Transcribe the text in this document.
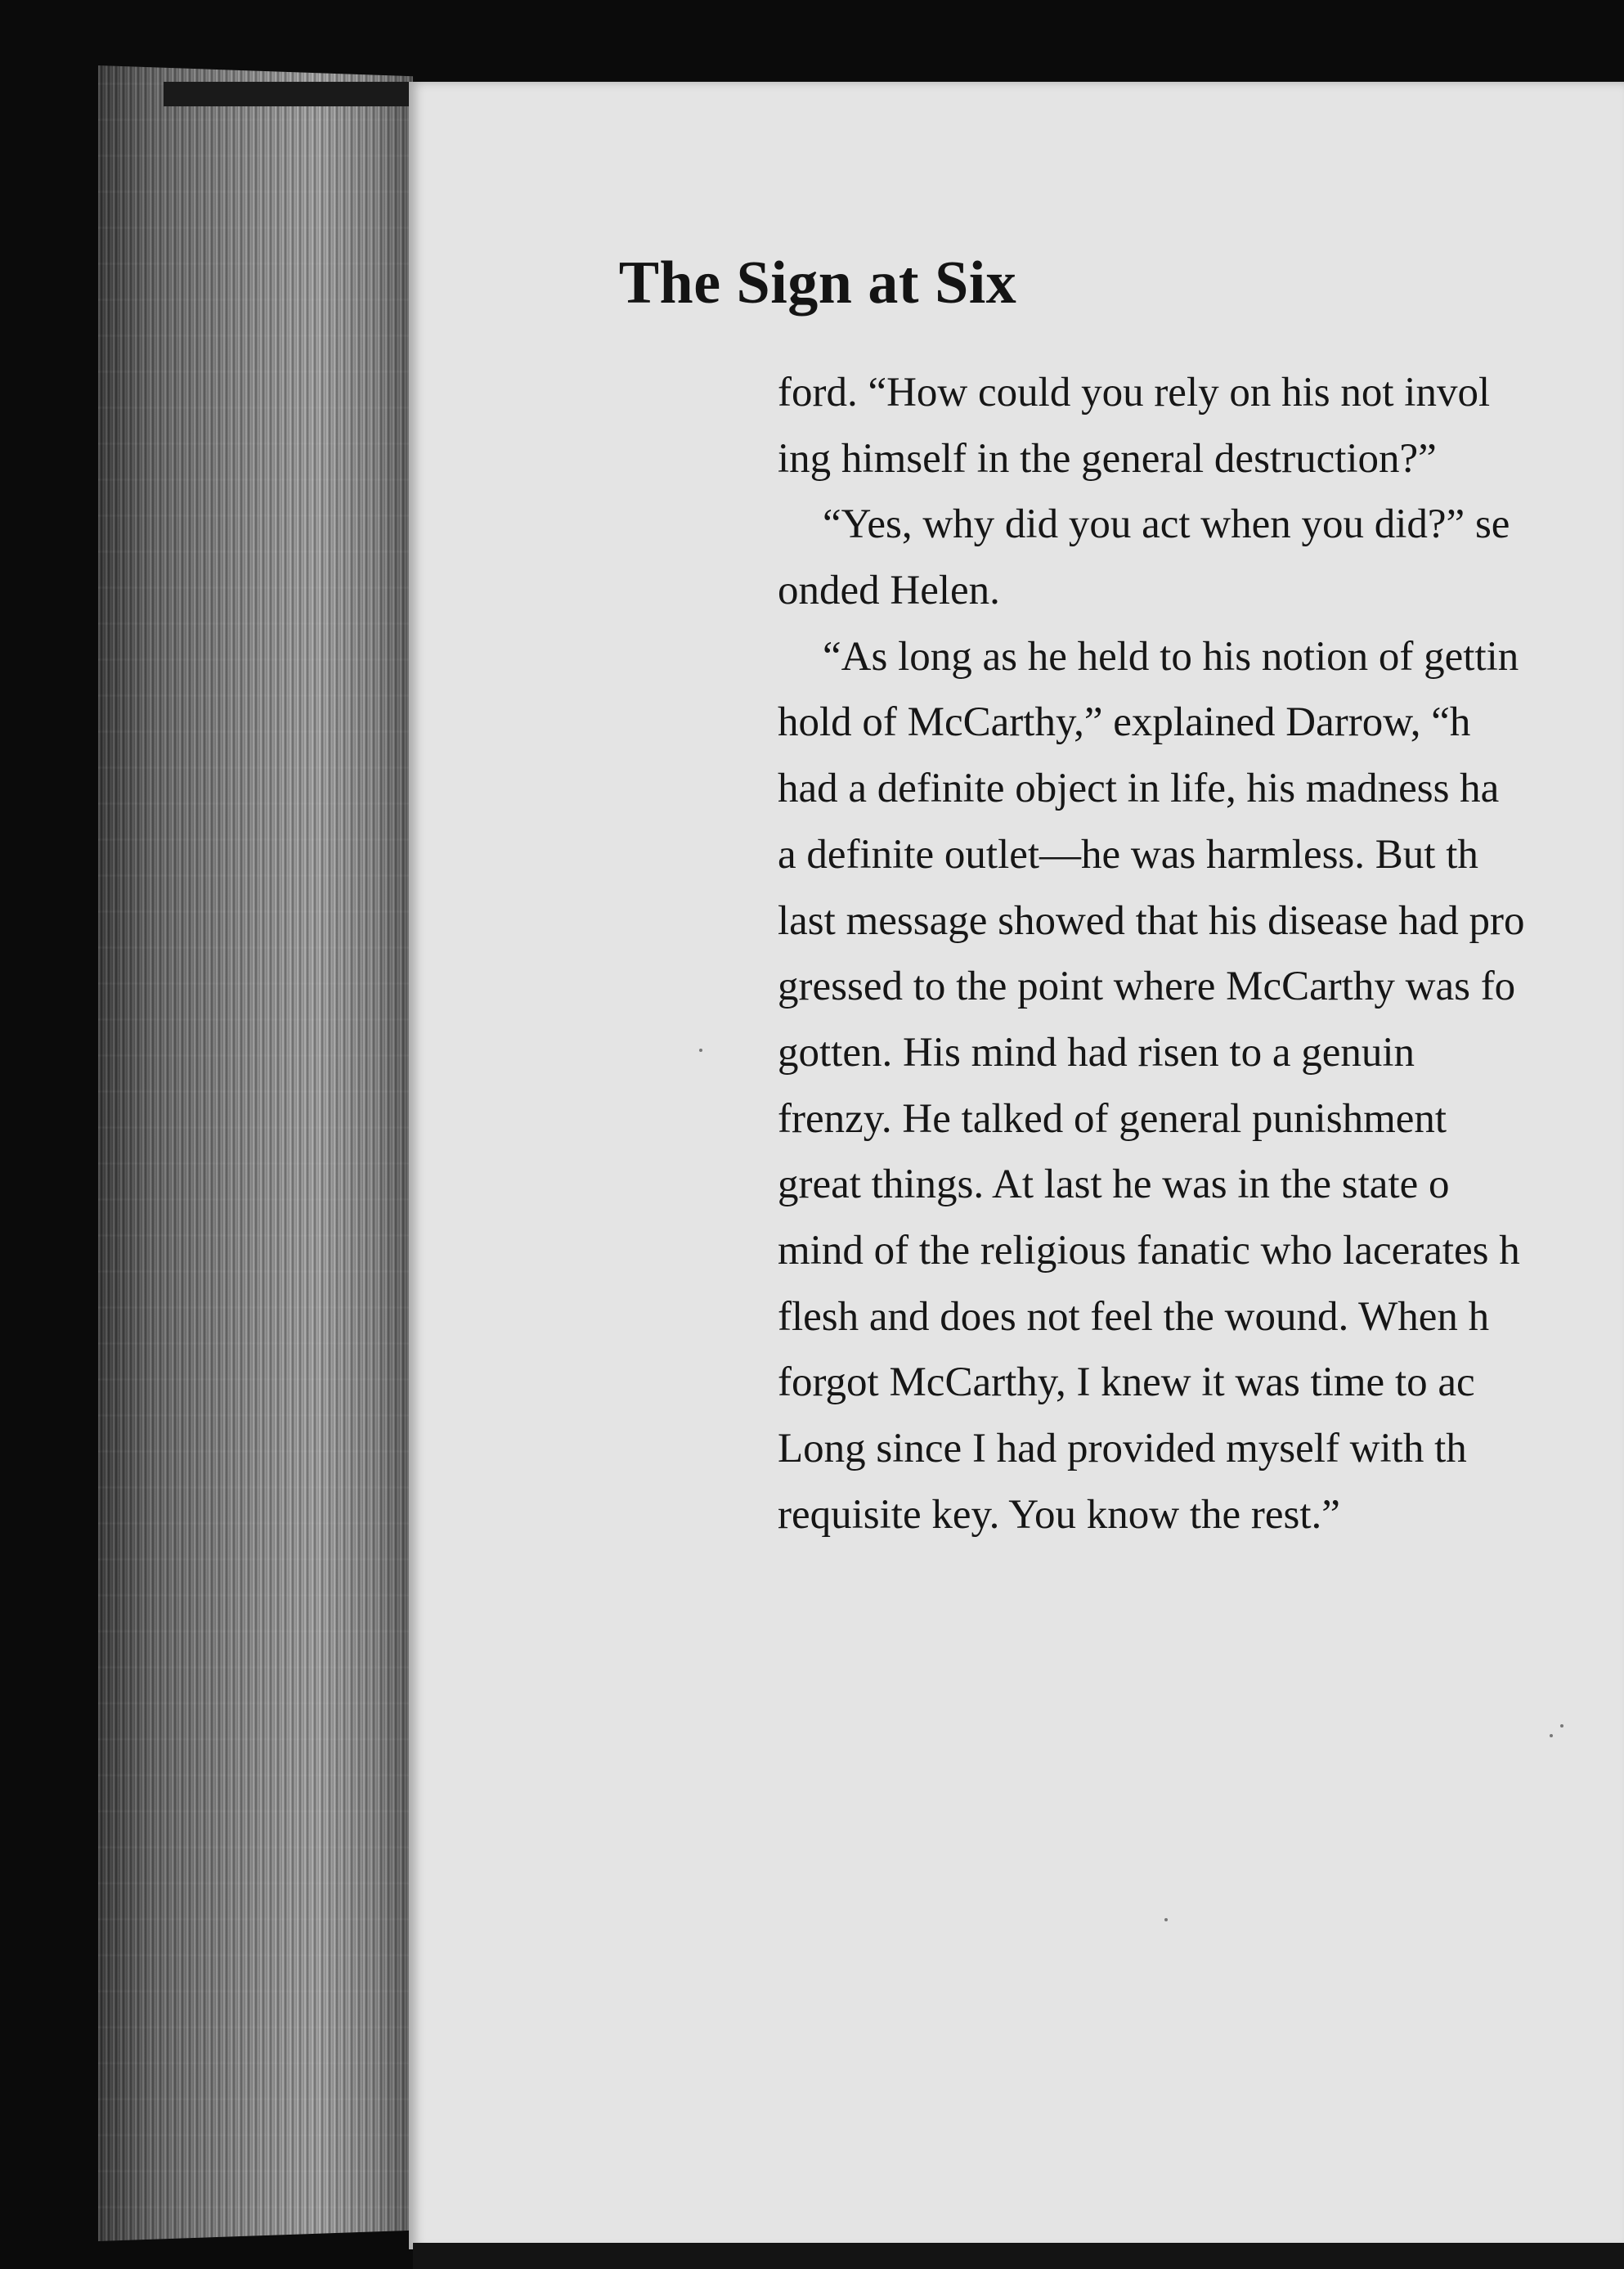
The Sign at Six
ford. “How could you rely on his not invol
ing himself in the general destruction?”
“Yes, why did you act when you did?” se
onded Helen.
“As long as he held to his notion of gettin
hold of McCarthy,” explained Darrow, “h
had a definite object in life, his madness ha
a definite outlet—he was harmless. But th
last message showed that his disease had pro
gressed to the point where McCarthy was fo
gotten. His mind had risen to a genuin
frenzy. He talked of general punishment
great things. At last he was in the state o
mind of the religious fanatic who lacerates h
flesh and does not feel the wound. When h
forgot McCarthy, I knew it was time to ac
Long since I had provided myself with th
requisite key. You know the rest.”
